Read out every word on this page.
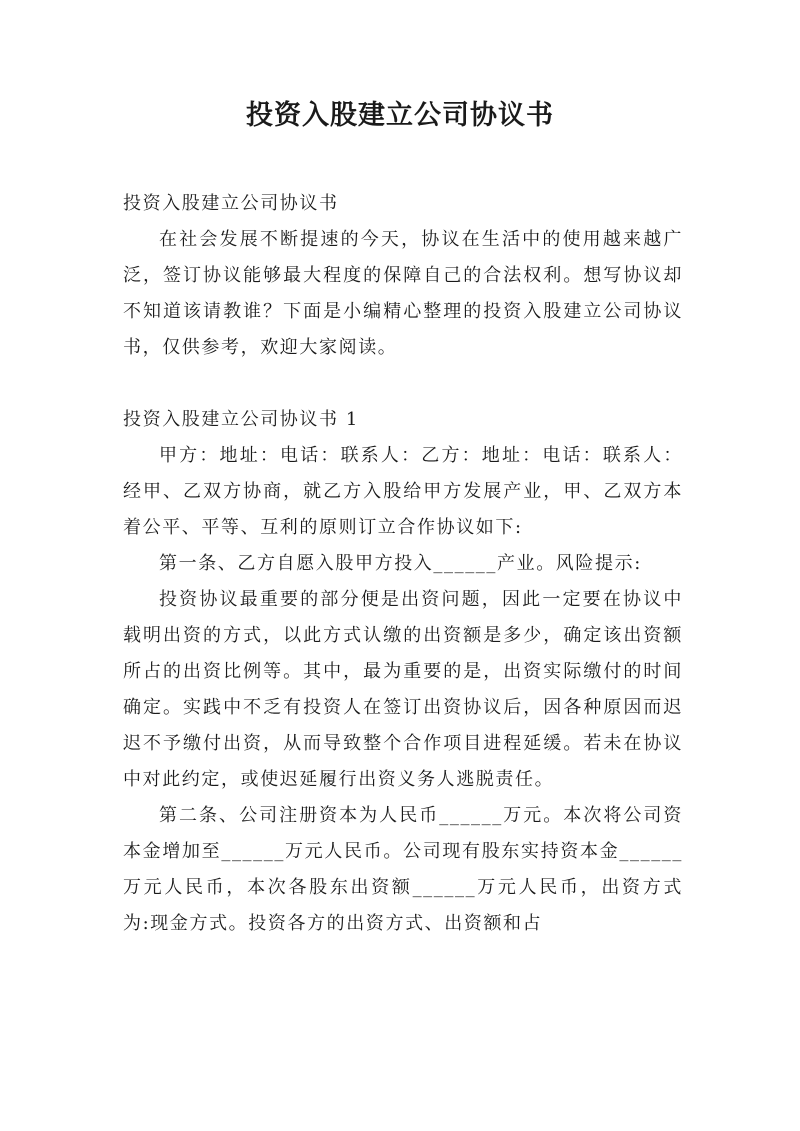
投资入股建立公司协议书

投资入股建立公司协议书

在社会发展不断提速的今天，协议在生活中的使用越来越广泛，签订协议能够最大程度的保障自己的合法权利。想写协议却不知道该请教谁？下面是小编精心整理的投资入股建立公司协议书，仅供参考，欢迎大家阅读。

投资入股建立公司协议书 1

甲方：地址：电话：联系人：乙方：地址：电话：联系人：经甲、乙双方协商，就乙方入股给甲方发展产业，甲、乙双方本着公平、平等、互利的原则订立合作协议如下:

第一条、乙方自愿入股甲方投入______产业。风险提示:

投资协议最重要的部分便是出资问题，因此一定要在协议中载明出资的方式，以此方式认缴的出资额是多少，确定该出资额所占的出资比例等。其中，最为重要的是，出资实际缴付的时间确定。实践中不乏有投资人在签订出资协议后，因各种原因而迟迟不予缴付出资，从而导致整个合作项目进程延缓。若未在协议中对此约定，或使迟延履行出资义务人逃脱责任。

第二条、公司注册资本为人民币______万元。本次将公司资本金增加至______万元人民币。公司现有股东实持资本金______万元人民币，本次各股东出资额______万元人民币，出资方式为:现金方式。投资各方的出资方式、出资额和占
